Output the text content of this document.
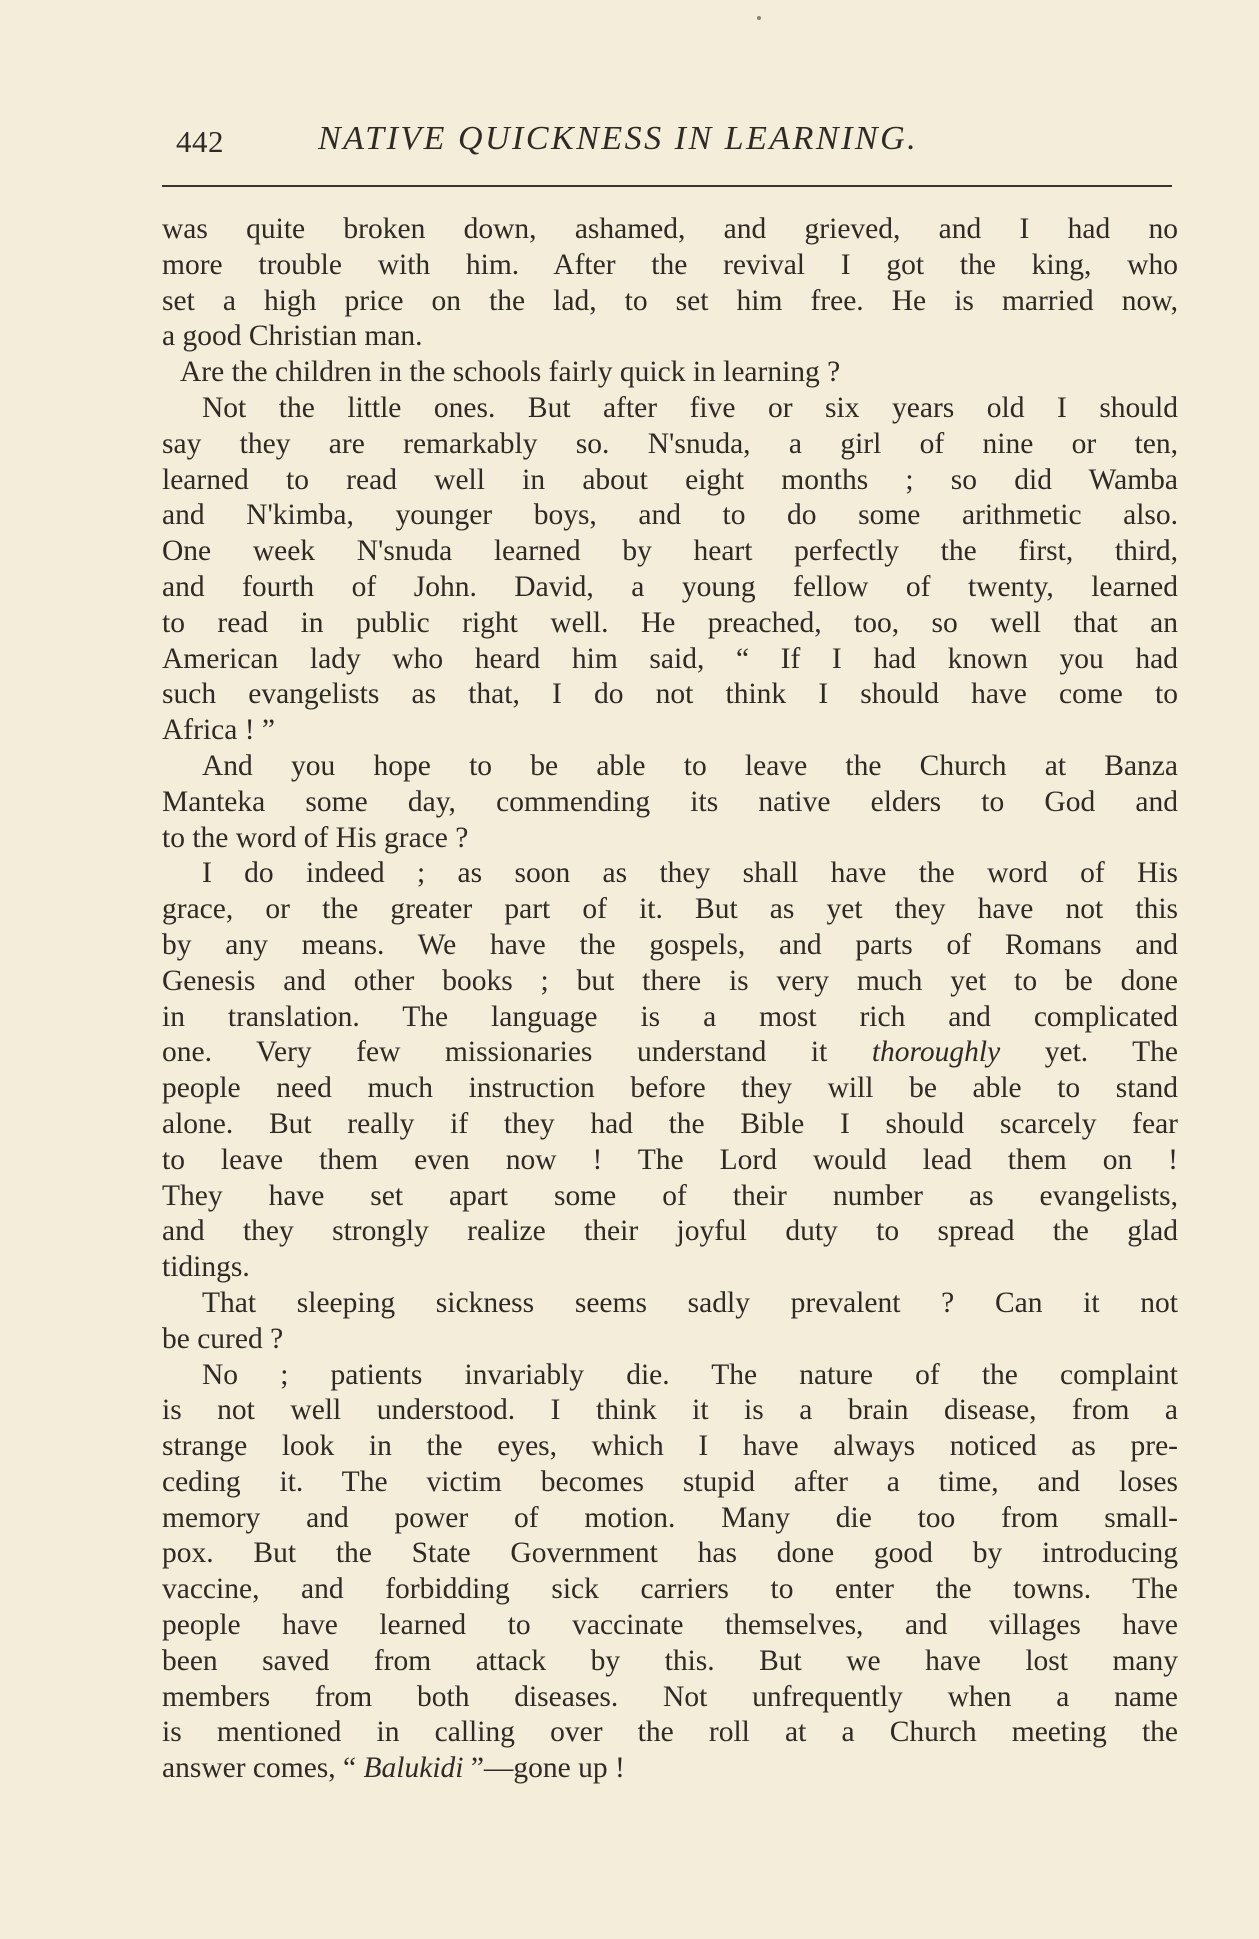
442	NATIVE QUICKNESS IN LEARNING.
was quite broken down, ashamed, and grieved, and I had no
more trouble with him. After the revival I got the king, who
set a high price on the lad, to set him free. He is married now,
a good Christian man.
Are the children in the schools fairly quick in learning ?
Not the little ones. But after five or six years old I should
say they are remarkably so. N'snuda, a girl of nine or ten,
learned to read well in about eight months ; so did Wamba
and N'kimba, younger boys, and to do some arithmetic also.
One week N'snuda learned by heart perfectly the first, third,
and fourth of John. David, a young fellow of twenty, learned
to read in public right well. He preached, too, so well that an
American lady who heard him said, “ If I had known you had
such evangelists as that, I do not think I should have come to
Africa ! ”
And you hope to be able to leave the Church at Banza
Manteka some day, commending its native elders to God and
to the word of His grace ?
I do indeed ; as soon as they shall have the word of His
grace, or the greater part of it. But as yet they have not this
by any means. We have the gospels, and parts of Romans and
Genesis and other books ; but there is very much yet to be done
in translation. The language is a most rich and complicated
one. Very few missionaries understand it thoroughly yet. The
people need much instruction before they will be able to stand
alone. But really if they had the Bible I should scarcely fear
to leave them even now ! The Lord would lead them on !
They have set apart some of their number as evangelists,
and they strongly realize their joyful duty to spread the glad
tidings.
That sleeping sickness seems sadly prevalent ? Can it not
be cured ?
No ; patients invariably die. The nature of the complaint
is not well understood. I think it is a brain disease, from a
strange look in the eyes, which I have always noticed as pre-
ceding it. The victim becomes stupid after a time, and loses
memory and power of motion. Many die too from small-
pox. But the State Government has done good by introducing
vaccine, and forbidding sick carriers to enter the towns. The
people have learned to vaccinate themselves, and villages have
been saved from attack by this. But we have lost many
members from both diseases. Not unfrequently when a name
is mentioned in calling over the roll at a Church meeting the
answer comes, “ Balukidi ”—gone up !
